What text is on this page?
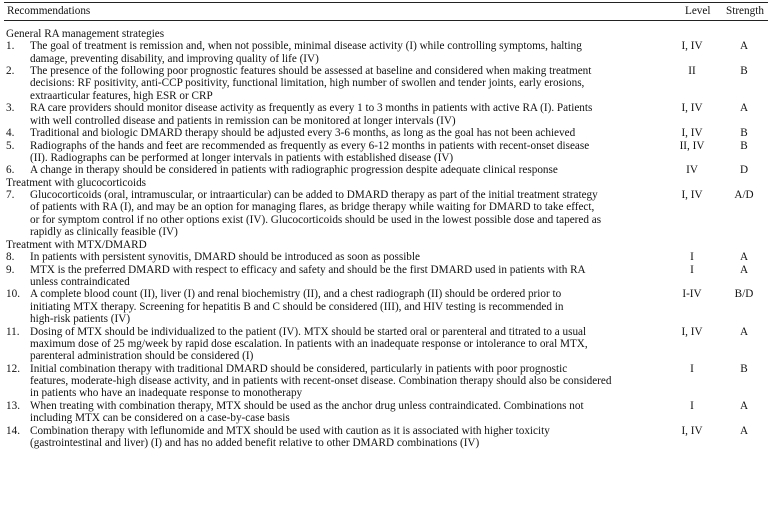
Recommendations	Level Strength
General RA management strategies
1. The goal of treatment is remission and, when not possible, minimal disease activity (I) while controlling symptoms, halting
damage, preventing disability, and improving quality of life (IV)
I, IV	A
2. The presence of the following poor prognostic features should be assessed at baseline and considered when making treatment
decisions: RF positivity, anti-CCP positivity, functional limitation, high number of swollen and tender joints, early erosions,
extraarticular features, high ESR or CRP
II	B
3. RA care providers should monitor disease activity as frequently as every 1 to 3 months in patients with active RA (I). Patients
with well controlled disease and patients in remission can be monitored at longer intervals (IV)
I, IV	A
4. Traditional and biologic DMARD therapy should be adjusted every 3-6 months, as long as the goal has not been achieved	I, IV	B
5. Radiographs of the hands and feet are recommended as frequently as every 6-12 months in patients with recent-onset disease
(II). Radiographs can be performed at longer intervals in patients with established disease (IV)
II, IV	B
6. A change in therapy should be considered in patients with radiographic progression despite adequate clinical response	IV	D
Treatment with glucocorticoids
7. Glucocorticoids (oral, intramuscular, or intraarticular) can be added to DMARD therapy as part of the initial treatment strategy
of patients with RA (I), and may be an option for managing flares, as bridge therapy while waiting for DMARD to take effect,
or for symptom control if no other options exist (IV). Glucocorticoids should be used in the lowest possible dose and tapered as
rapidly as clinically feasible (IV)
I, IV	A/D
Treatment with MTX/DMARD
8. In patients with persistent synovitis, DMARD should be introduced as soon as possible	I	A
9. MTX is the preferred DMARD with respect to efficacy and safety and should be the first DMARD used in patients with RA
unless contraindicated
I	A
10. A complete blood count (II), liver (I) and renal biochemistry (II), and a chest radiograph (II) should be ordered prior to
initiating MTX therapy. Screening for hepatitis B and C should be considered (III), and HIV testing is recommended in
high-risk patients (IV)
I-IV	B/D
11. Dosing of MTX should be individualized to the patient (IV). MTX should be started oral or parenteral and titrated to a usual
maximum dose of 25 mg/week by rapid dose escalation. In patients with an inadequate response or intolerance to oral MTX,
parenteral administration should be considered (I)
I, IV	A
12. Initial combination therapy with traditional DMARD should be considered, particularly in patients with poor prognostic
features, moderate-high disease activity, and in patients with recent-onset disease. Combination therapy should also be considered
in patients who have an inadequate response to monotherapy
I	B
13. When treating with combination therapy, MTX should be used as the anchor drug unless contraindicated. Combinations not
including MTX can be considered on a case-by-case basis
I	A
14. Combination therapy with leflunomide and MTX should be used with caution as it is associated with higher toxicity
(gastrointestinal and liver) (I) and has no added benefit relative to other DMARD combinations (IV)
I, IV	A
